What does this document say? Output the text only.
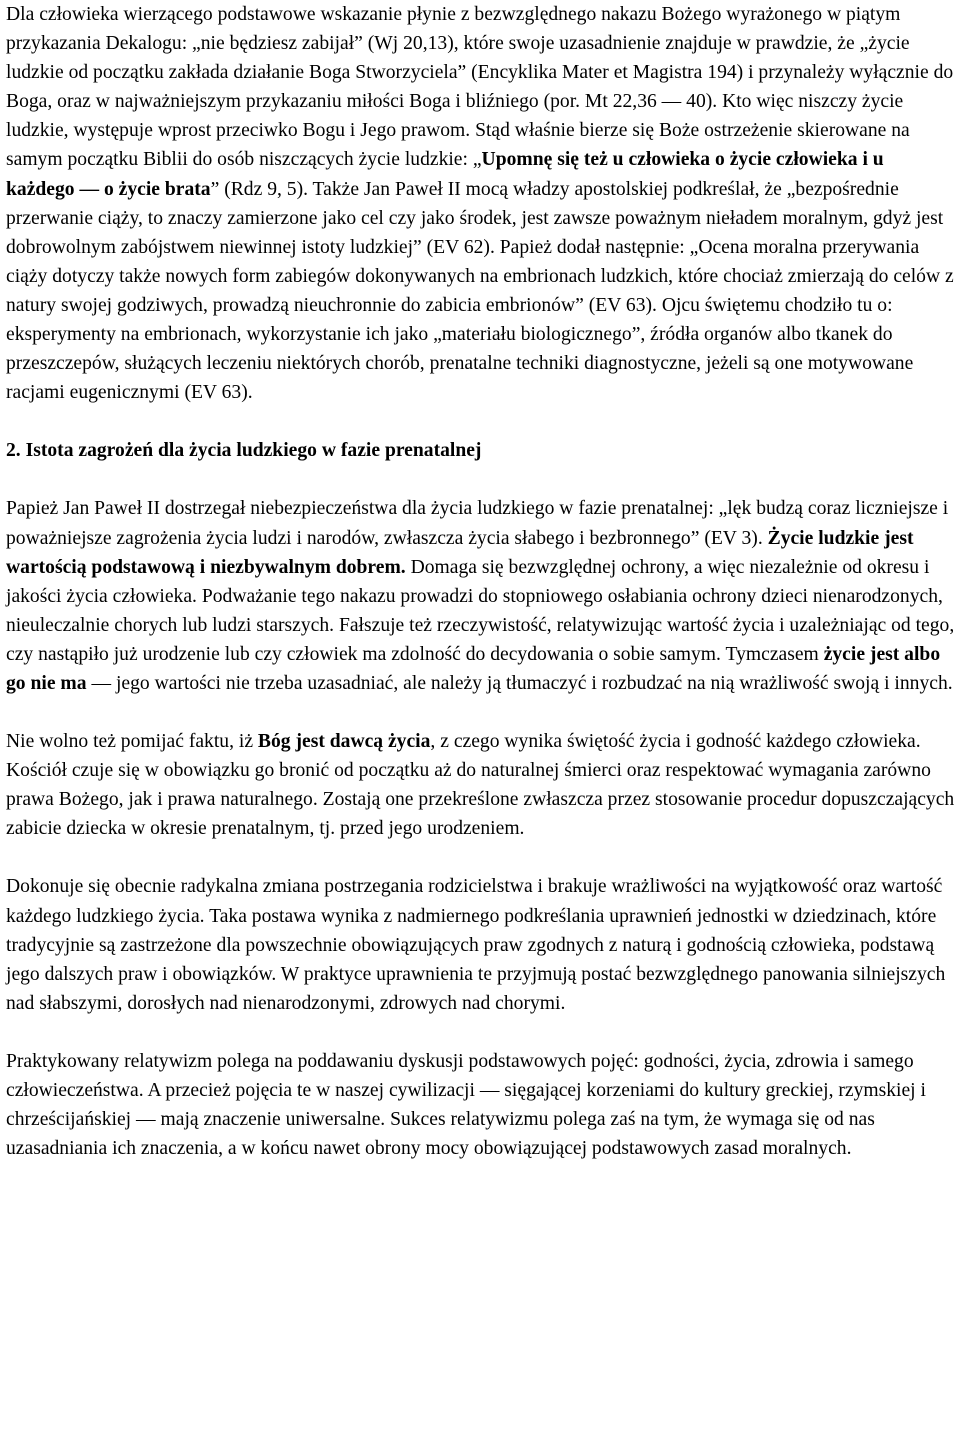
Dla człowieka wierzącego podstawowe wskazanie płynie z bezwzględnego nakazu Bożego wyrażonego w piątym przykazania Dekalogu: „nie będziesz zabijał” (Wj 20,13), które swoje uzasadnienie znajduje w prawdzie, że „życie ludzkie od początku zakłada działanie Boga Stworzyciela” (Encyklika Mater et Magistra 194) i przynależy wyłącznie do Boga, oraz w najważniejszym przykazaniu miłości Boga i bliźniego (por. Mt 22,36 — 40). Kto więc niszczy życie ludzkie, występuje wprost przeciwko Bogu i Jego prawom. Stąd właśnie bierze się Boże ostrzeżenie skierowane na samym początku Biblii do osób niszczących życie ludzkie: „Upomnę się też u człowieka o życie człowieka i u każdego — o życie brata” (Rdz 9, 5). Także Jan Paweł II mocą władzy apostolskiej podkreślał, że „bezpośrednie przerwanie ciąży, to znaczy zamierzone jako cel czy jako środek, jest zawsze poważnym nieładem moralnym, gdyż jest dobrowolnym zabójstwem niewinnej istoty ludzkiej” (EV 62). Papież dodał następnie: „Ocena moralna przerywania ciąży dotyczy także nowych form zabiegów dokonywanych na embrionach ludzkich, które chociaż zmierzają do celów z natury swojej godziwych, prowadzą nieuchronnie do zabicia embrionów” (EV 63). Ojcu świętemu chodziło tu o: eksperymenty na embrionach, wykorzystanie ich jako „materiału biologicznego”, źródła organów albo tkanek do przeszczepów, służących leczeniu niektórych chorób, prenatalne techniki diagnostyczne, jeżeli są one motywowane racjami eugenicznymi (EV 63).

2. Istota zagrożeń dla życia ludzkiego w fazie prenatalnej

Papież Jan Paweł II dostrzegał niebezpieczeństwa dla życia ludzkiego w fazie prenatalnej: „lęk budzą coraz liczniejsze i poważniejsze zagrożenia życia ludzi i narodów, zwłaszcza życia słabego i bezbronnego” (EV 3). Życie ludzkie jest wartością podstawową i niezbywalnym dobrem. Domaga się bezwzględnej ochrony, a więc niezależnie od okresu i jakości życia człowieka. Podważanie tego nakazu prowadzi do stopniowego osłabiania ochrony dzieci nienarodzonych, nieuleczalnie chorych lub ludzi starszych. Fałszuje też rzeczywistość, relatywizując wartość życia i uzależniając od tego, czy nastąpiło już urodzenie lub czy człowiek ma zdolność do decydowania o sobie samym. Tymczasem życie jest albo go nie ma — jego wartości nie trzeba uzasadniać, ale należy ją tłumaczyć i rozbudzać na nią wrażliwość swoją i innych.

Nie wolno też pomijać faktu, iż Bóg jest dawcą życia, z czego wynika świętość życia i godność każdego człowieka. Kościół czuje się w obowiązku go bronić od początku aż do naturalnej śmierci oraz respektować wymagania zarówno prawa Bożego, jak i prawa naturalnego. Zostają one przekreślone zwłaszcza przez stosowanie procedur dopuszczających zabicie dziecka w okresie prenatalnym, tj. przed jego urodzeniem.

Dokonuje się obecnie radykalna zmiana postrzegania rodzicielstwa i brakuje wrażliwości na wyjątkowość oraz wartość każdego ludzkiego życia. Taka postawa wynika z nadmiernego podkreślania uprawnień jednostki w dziedzinach, które tradycyjnie są zastrzeżone dla powszechnie obowiązujących praw zgodnych z naturą i godnością człowieka, podstawą jego dalszych praw i obowiązków. W praktyce uprawnienia te przyjmują postać bezwzględnego panowania silniejszych nad słabszymi, dorosłych nad nienarodzonymi, zdrowych nad chorymi.

Praktykowany relatywizm polega na poddawaniu dyskusji podstawowych pojęć: godności, życia, zdrowia i samego człowieczeństwa. A przecież pojęcia te w naszej cywilizacji — sięgającej korzeniami do kultury greckiej, rzymskiej i chrześcijańskiej — mają znaczenie uniwersalne. Sukces relatywizmu polega zaś na tym, że wymaga się od nas uzasadniania ich znaczenia, a w końcu nawet obrony mocy obowiązującej podstawowych zasad moralnych.
